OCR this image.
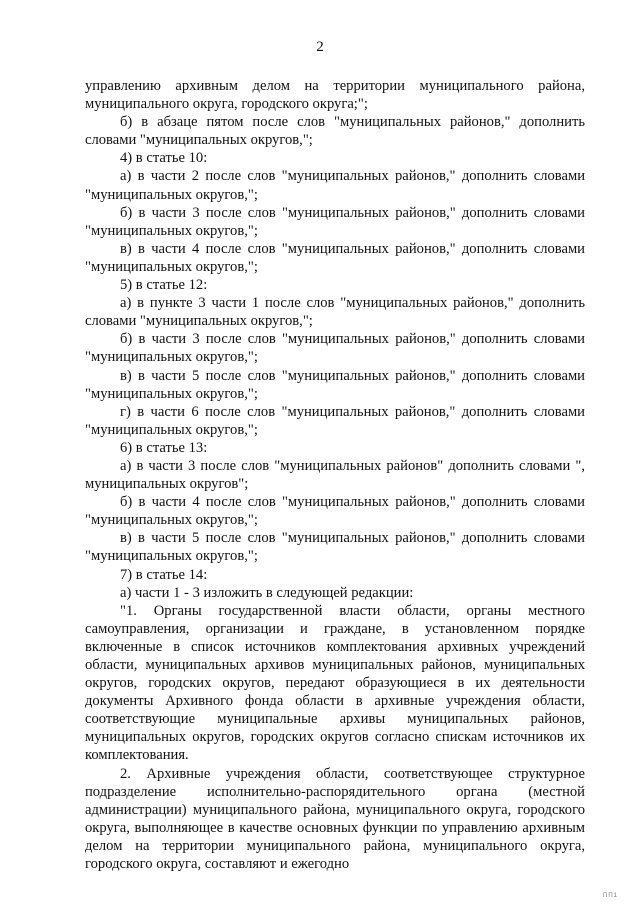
2

управлению архивным делом на территории муниципального района, муниципального округа, городского округа;";

б) в абзаце пятом после слов "муниципальных районов," дополнить словами "муниципальных округов,";

4) в статье 10:

а) в части 2 после слов "муниципальных районов," дополнить словами "муниципальных округов,";

б) в части 3 после слов "муниципальных районов," дополнить словами "муниципальных округов,";

в) в части 4 после слов "муниципальных районов," дополнить словами "муниципальных округов,";

5) в статье 12:

а) в пункте 3 части 1 после слов "муниципальных районов," дополнить словами "муниципальных округов,";

б) в части 3 после слов "муниципальных районов," дополнить словами "муниципальных округов,";

в) в части 5 после слов "муниципальных районов," дополнить словами "муниципальных округов,";

г) в части 6 после слов "муниципальных районов," дополнить словами "муниципальных округов,";

6) в статье 13:

а) в части 3 после слов "муниципальных районов" дополнить словами ", муниципальных округов";

б) в части 4 после слов "муниципальных районов," дополнить словами "муниципальных округов,";

в) в части 5 после слов "муниципальных районов," дополнить словами "муниципальных округов,";

7) в статье 14:

а) части 1 - 3 изложить в следующей редакции:

"1. Органы государственной власти области, органы местного самоуправления, организации и граждане, в установленном порядке включенные в список источников комплектования архивных учреждений области, муниципальных архивов муниципальных районов, муниципальных округов, городских округов, передают образующиеся в их деятельности документы Архивного фонда области в архивные учреждения области, соответствующие муниципальные архивы муниципальных районов, муниципальных округов, городских округов согласно спискам источников их комплектования.

2. Архивные учреждения области, соответствующее структурное подразделение исполнительно-распорядительного органа (местной администрации) муниципального района, муниципального округа, городского округа, выполняющее в качестве основных функции по управлению архивным делом на территории муниципального района, муниципального округа, городского округа, составляют и ежегодно

ПП1
